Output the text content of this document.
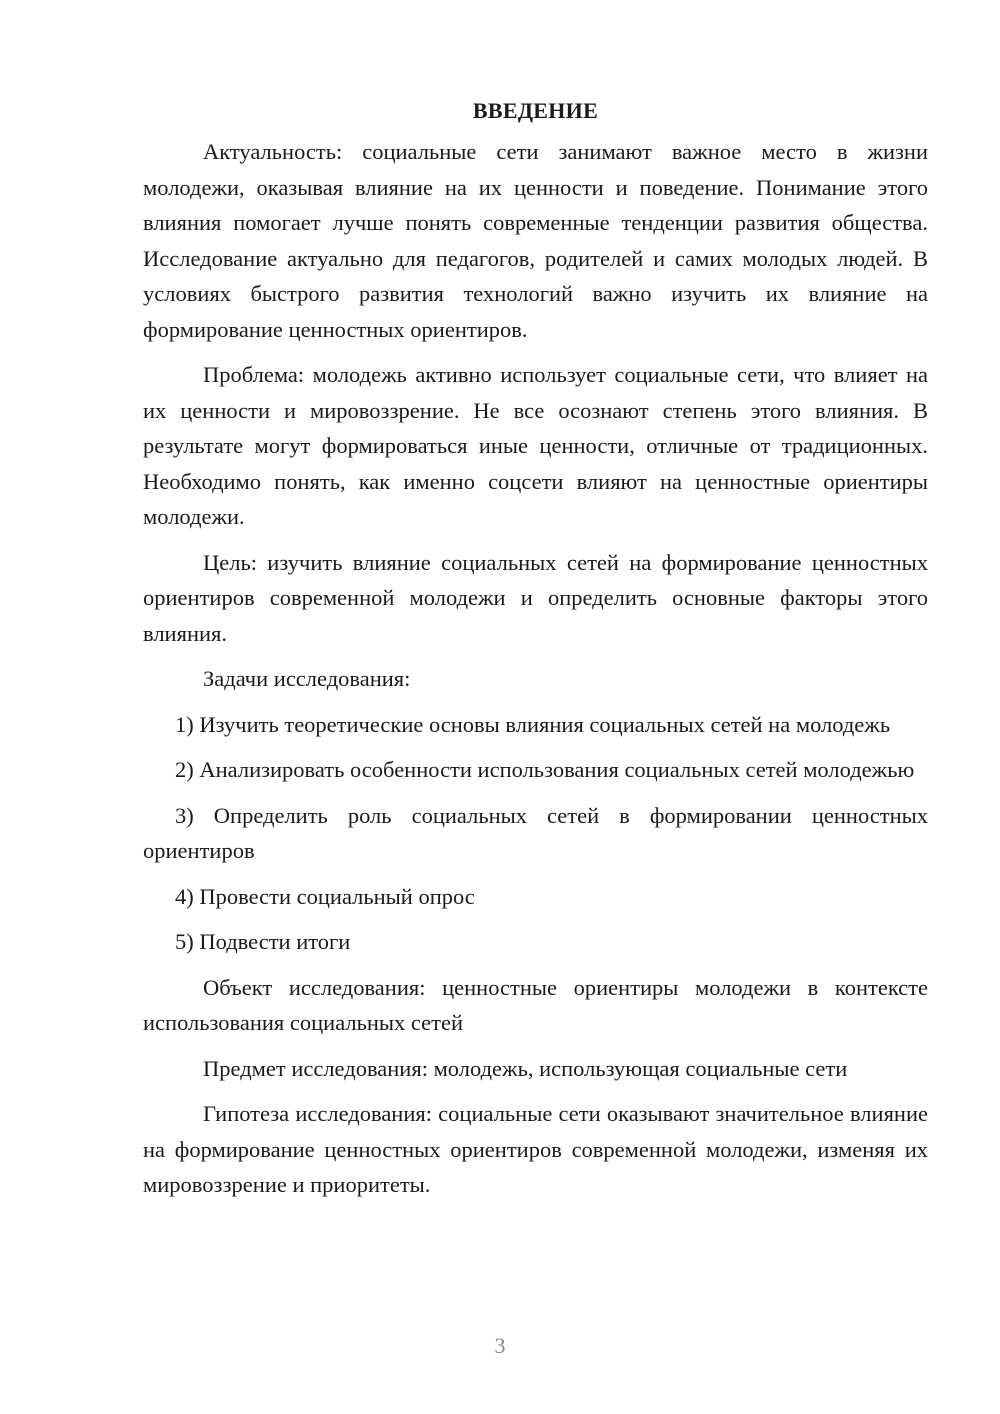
ВВЕДЕНИЕ

Актуальность: социальные сети занимают важное место в жизни молодежи, оказывая влияние на их ценности и поведение. Понимание этого влияния помогает лучше понять современные тенденции развития общества. Исследование актуально для педагогов, родителей и самих молодых людей. В условиях быстрого развития технологий важно изучить их влияние на формирование ценностных ориентиров.

Проблема: молодежь активно использует социальные сети, что влияет на их ценности и мировоззрение. Не все осознают степень этого влияния. В результате могут формироваться иные ценности, отличные от традиционных. Необходимо понять, как именно соцсети влияют на ценностные ориентиры молодежи.

Цель: изучить влияние социальных сетей на формирование ценностных ориентиров современной молодежи и определить основные факторы этого влияния.

Задачи исследования:

1) Изучить теоретические основы влияния социальных сетей на молодежь

2) Анализировать особенности использования социальных сетей молодежью

3) Определить роль социальных сетей в формировании ценностных ориентиров

4) Провести социальный опрос

5) Подвести итоги

Объект исследования: ценностные ориентиры молодежи в контексте использования социальных сетей

Предмет исследования: молодежь, использующая социальные сети

Гипотеза исследования: социальные сети оказывают значительное влияние на формирование ценностных ориентиров современной молодежи, изменяя их мировоззрение и приоритеты.

3
